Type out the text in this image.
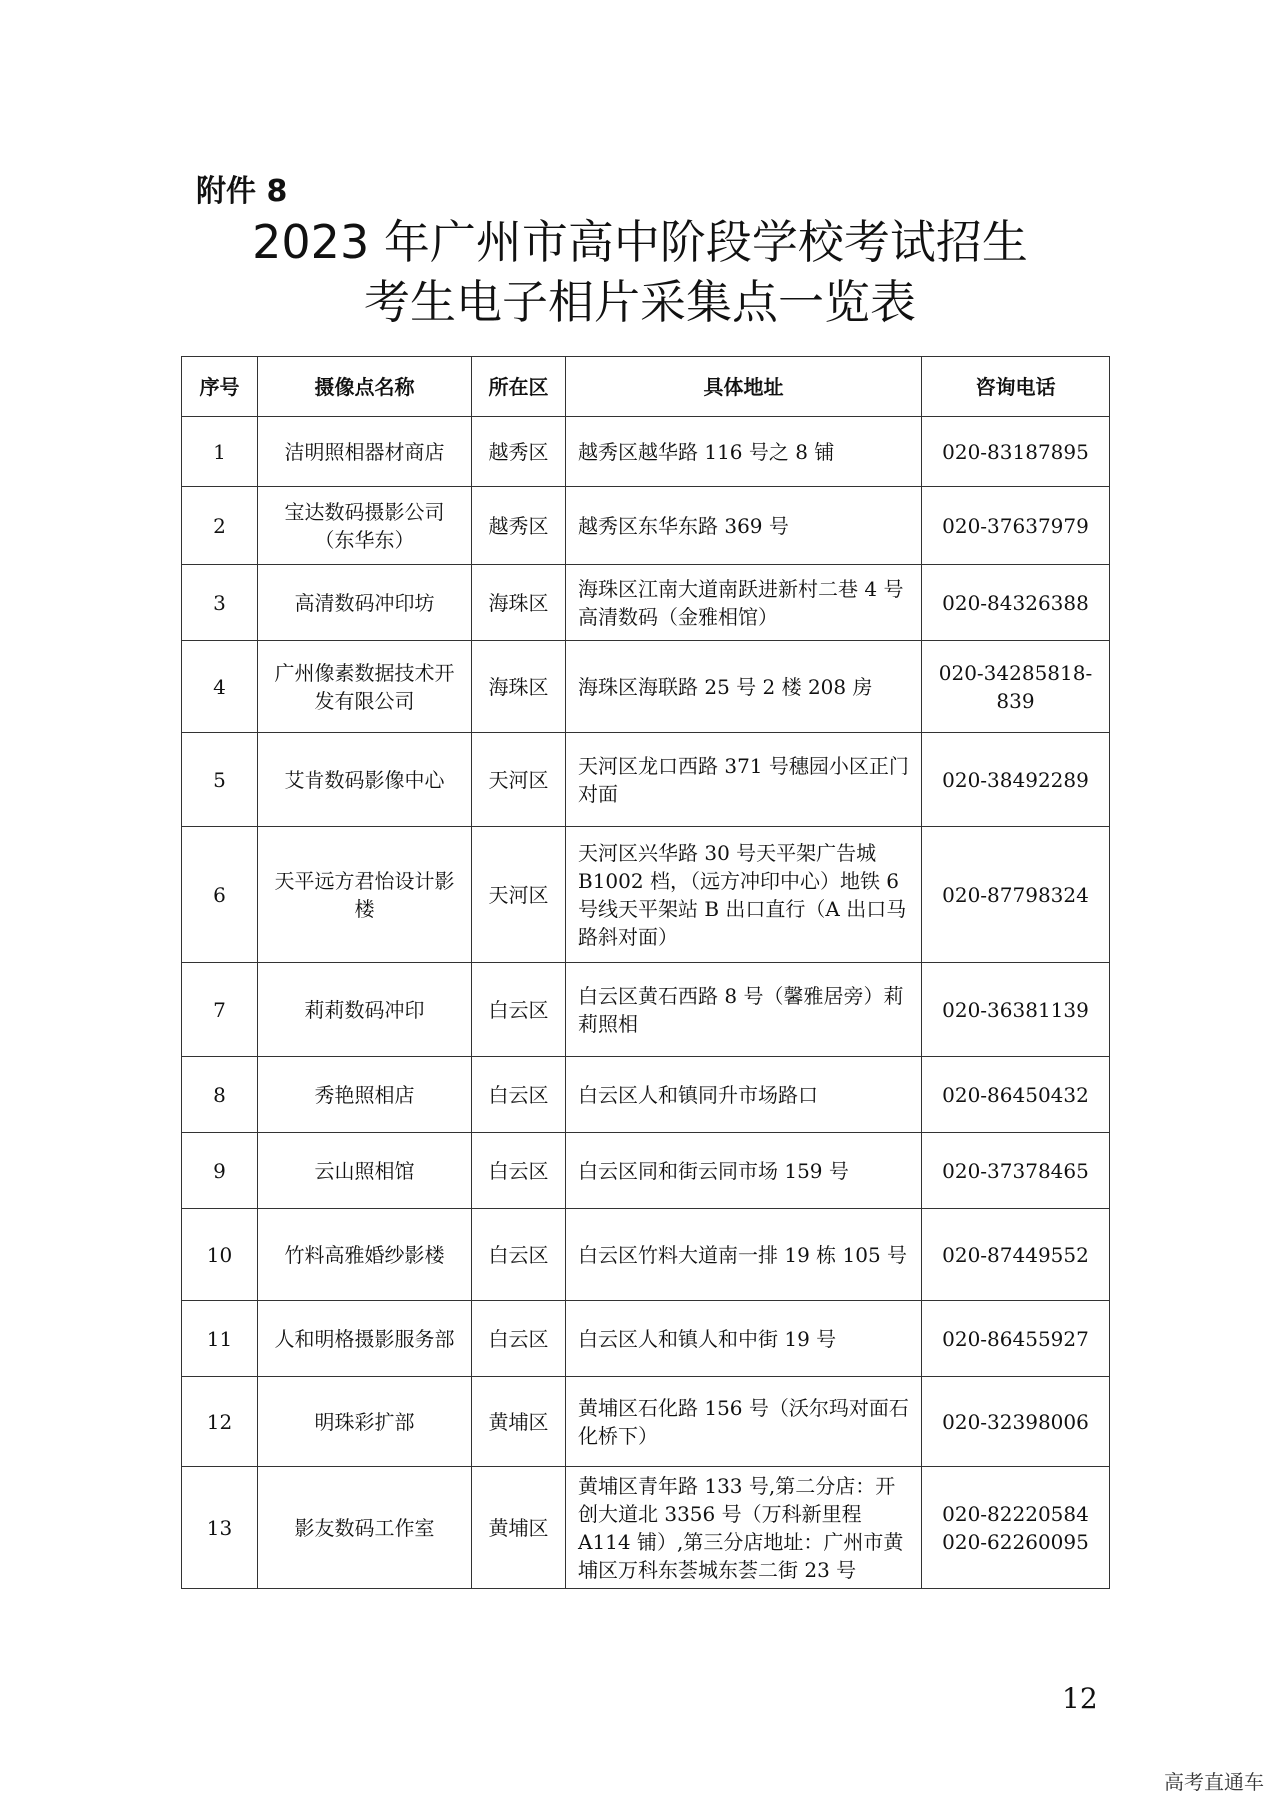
附件 8
2023 年广州市高中阶段学校考试招生
考生电子相片采集点一览表
序号	摄像点名称	所在区	具体地址	咨询电话
1	洁明照相器材商店	越秀区	越秀区越华路 116 号之 8 铺	020-83187895
2	宝达数码摄影公司（东华东）	越秀区	越秀区东华东路 369 号	020-37637979
3	高清数码冲印坊	海珠区	海珠区江南大道南跃进新村二巷 4 号 高清数码（金雅相馆）	020-84326388
4	广州像素数据技术开发有限公司	海珠区	海珠区海联路 25 号 2 楼 208 房	020-34285818-839
5	艾肯数码影像中心	天河区	天河区龙口西路 371 号穗园小区正门对面	020-38492289
6	天平远方君怡设计影楼	天河区	天河区兴华路 30 号天平架广告城 B1002 档，（远方冲印中心）地铁 6 号线天平架站 B 出口直行（A 出口马路斜对面）	020-87798324
7	莉莉数码冲印	白云区	白云区黄石西路 8 号（馨雅居旁）莉莉照相	020-36381139
8	秀艳照相店	白云区	白云区人和镇同升市场路口	020-86450432
9	云山照相馆	白云区	白云区同和街云同市场 159 号	020-37378465
10	竹料高雅婚纱影楼	白云区	白云区竹料大道南一排 19 栋 105 号	020-87449552
11	人和明格摄影服务部	白云区	白云区人和镇人和中街 19 号	020-86455927
12	明珠彩扩部	黄埔区	黄埔区石化路 156 号（沃尔玛对面石化桥下）	020-32398006
13	影友数码工作室	黄埔区	黄埔区青年路 133 号,第二分店：开创大道北 3356 号（万科新里程 A114 铺）,第三分店地址：广州市黄埔区万科东荟城东荟二街 23 号	020-82220584 020-62260095
12
高考直通车
